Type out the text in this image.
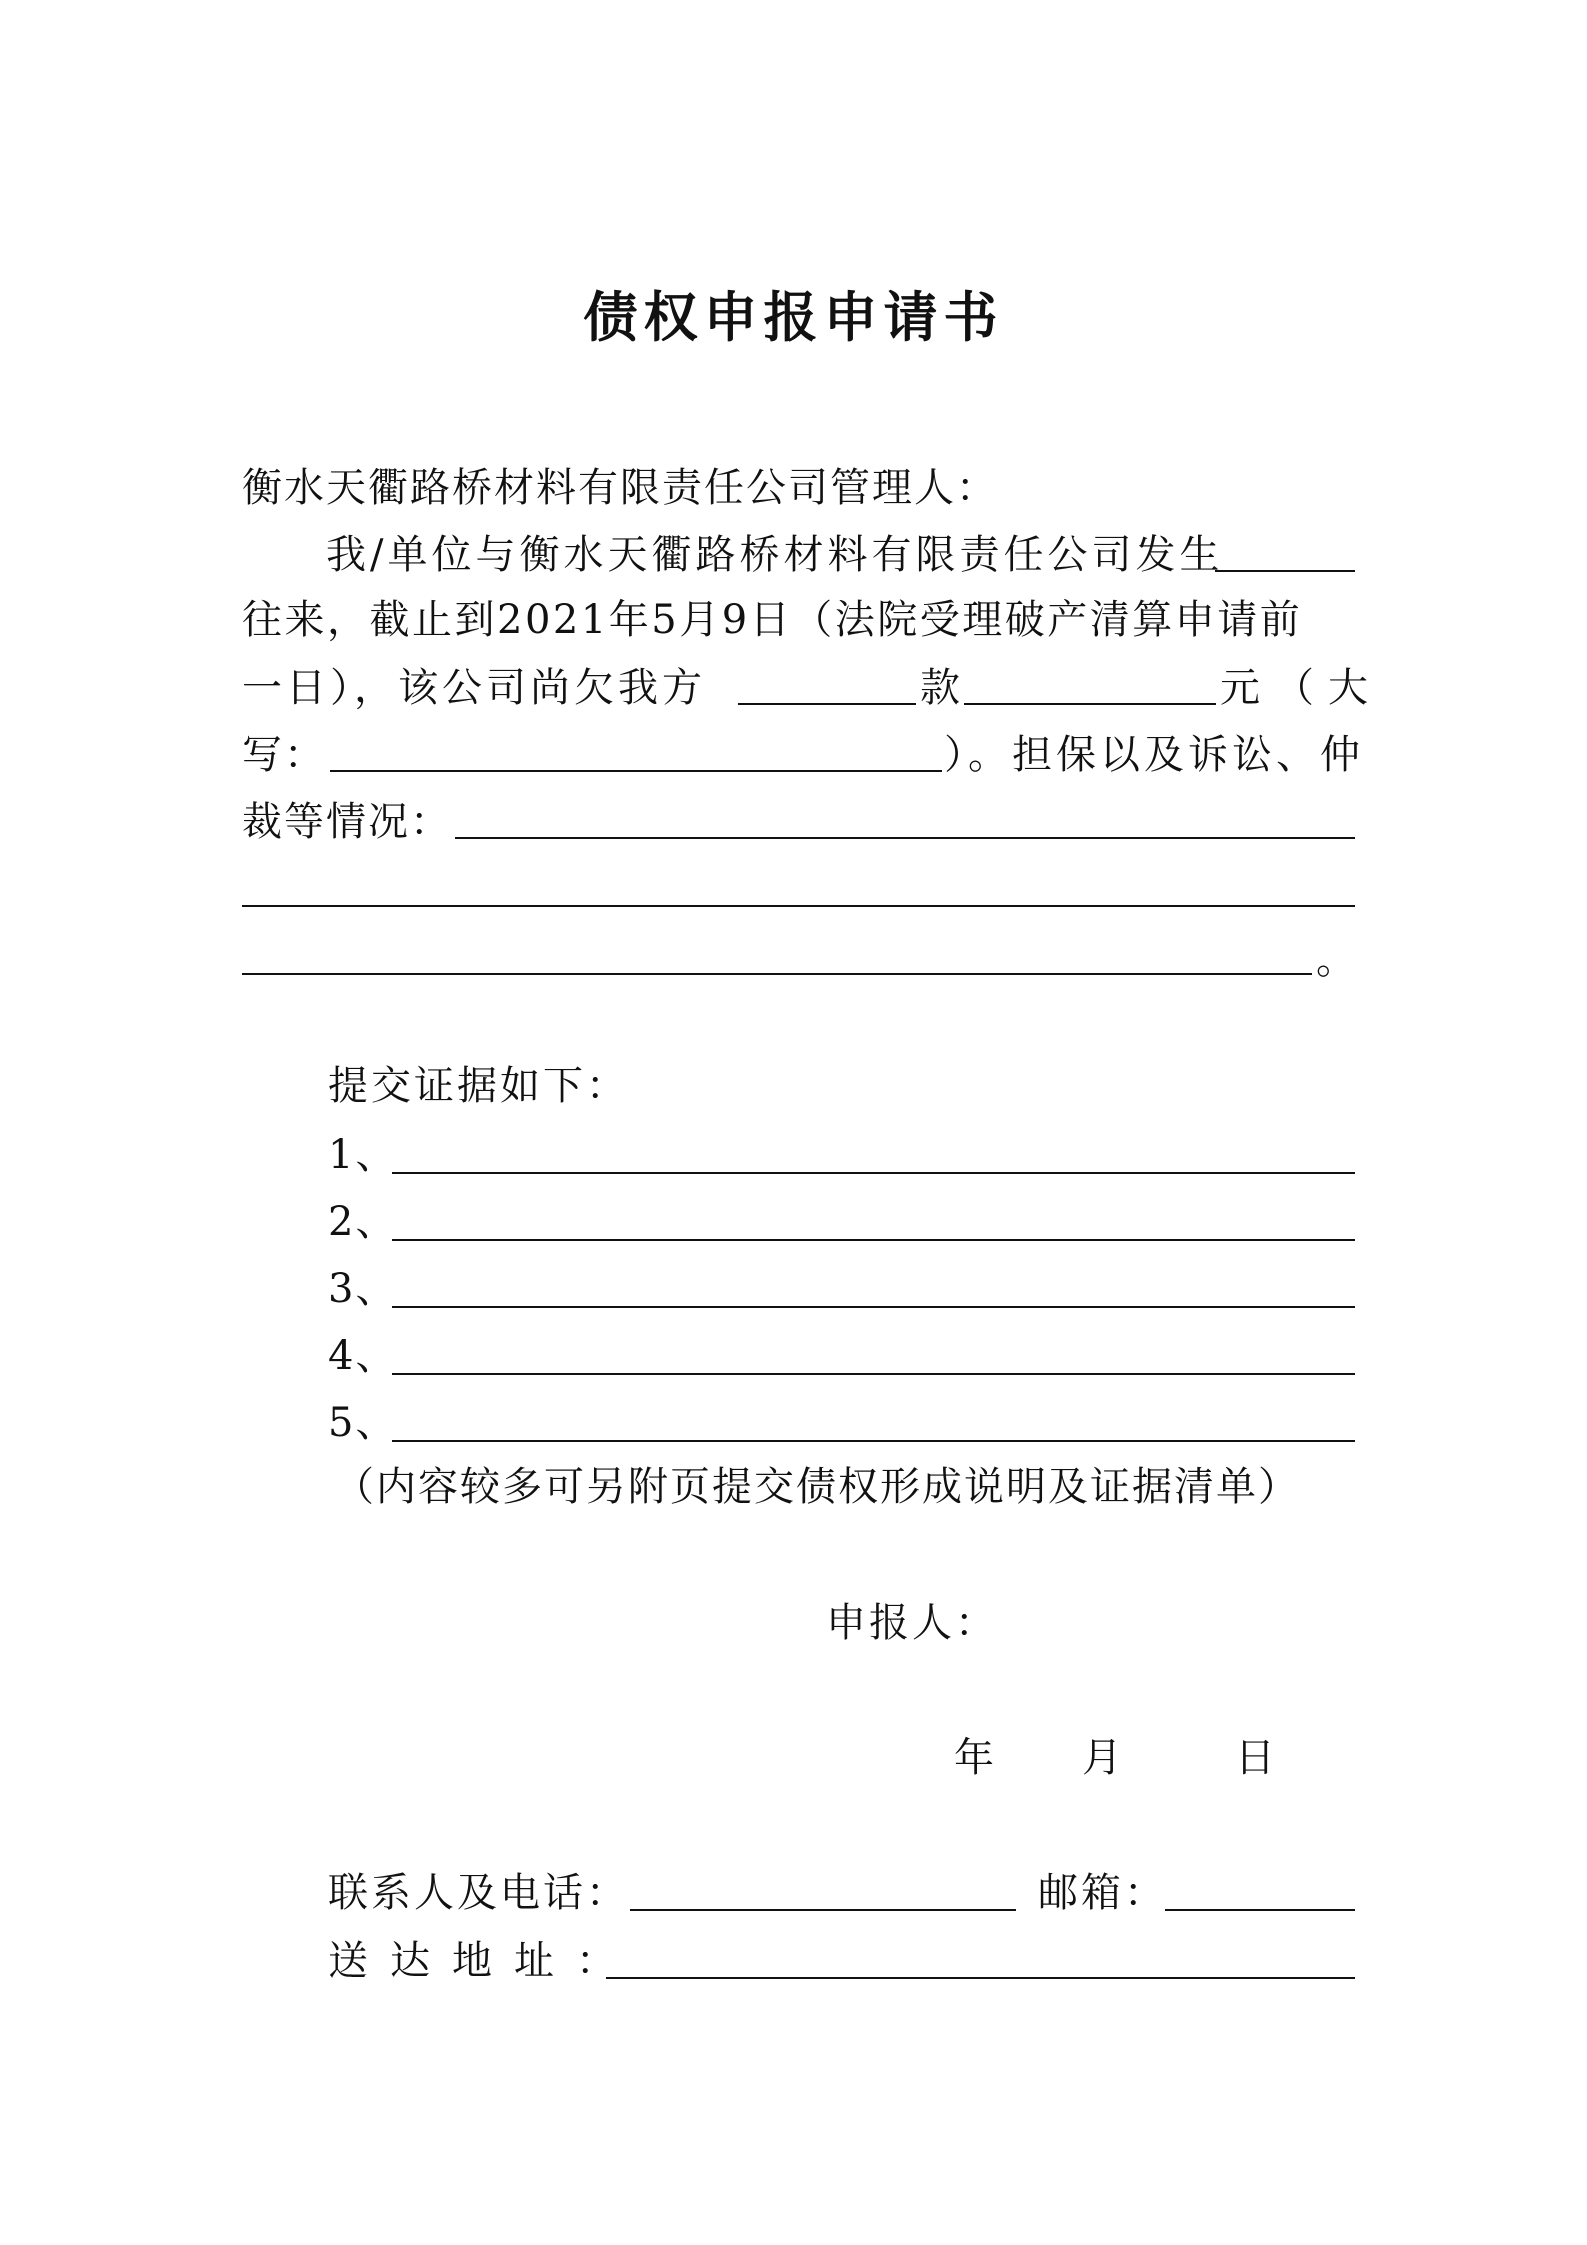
债权申报申请书
衡水天衢路桥材料有限责任公司管理人：
我/单位与衡水天衢路桥材料有限责任公司发生
往来，截止到2021年5月9日（法院受理破产清算申请前
一日），该公司尚欠我方	款	元（大
写：	）。担保以及诉讼、仲
裁等情况：
。
提交证据如下：
1、
2、
3、
4、
5、
（内容较多可另附页提交债权形成说明及证据清单）
申报人：
年 月	日
联系人及电话：	邮箱：
送达地址：
